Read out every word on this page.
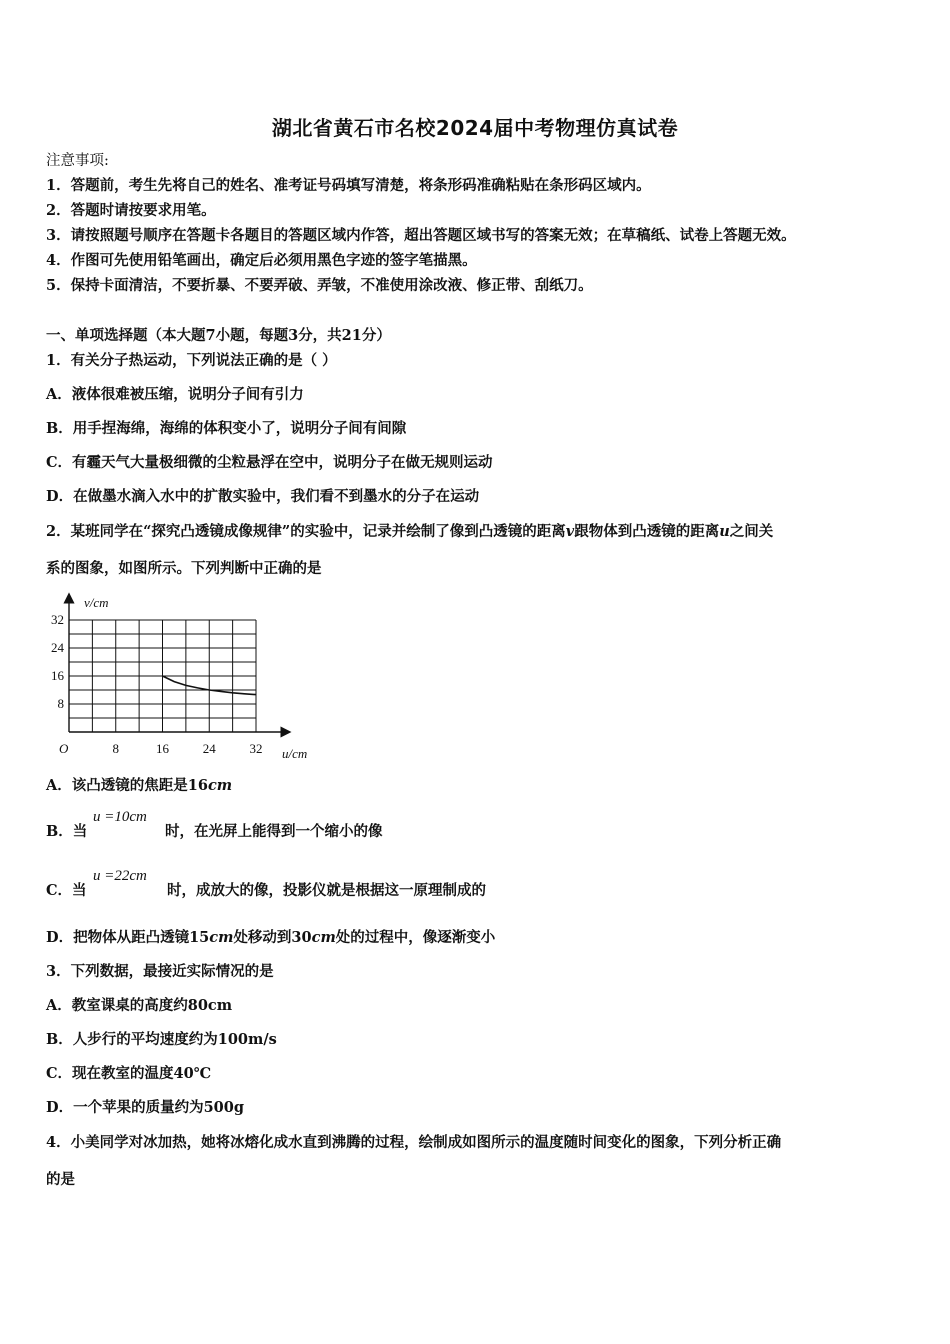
湖北省黄石市名校2024届中考物理仿真试卷
注意事项:
1．答题前，考生先将自己的姓名、准考证号码填写清楚，将条形码准确粘贴在条形码区域内。
2．答题时请按要求用笔。
3．请按照题号顺序在答题卡各题目的答题区域内作答，超出答题区域书写的答案无效；在草稿纸、试卷上答题无效。
4．作图可先使用铅笔画出，确定后必须用黑色字迹的签字笔描黑。
5．保持卡面清洁，不要折暴、不要弄破、弄皱，不准使用涂改液、修正带、刮纸刀。
一、单项选择题（本大题7小题，每题3分，共21分）
1．有关分子热运动，下列说法正确的是（ ）
A．液体很难被压缩，说明分子间有引力
B．用手捏海绵，海绵的体积变小了，说明分子间有间隙
C．有霾天气大量极细微的尘粒悬浮在空中，说明分子在做无规则运动
D．在做墨水滴入水中的扩散实验中，我们看不到墨水的分子在运动
2．某班同学在“探究凸透镜成像规律”的实验中，记录并绘制了像到凸透镜的距离v跟物体到凸透镜的距离u之间关
系的图象，如图所示。下列判断中正确的是
8	16	24	32
8
16
24
32
O	u/cm
v/cm
A．该凸透镜的焦距是16cm
B．当
u =10cm
时，在光屏上能得到一个缩小的像
C．当
u =22cm
时，成放大的像，投影仪就是根据这一原理制成的
D．把物体从距凸透镜15cm处移动到30cm处的过程中，像逐渐变小
3．下列数据，最接近实际情况的是
A．教室课桌的高度约80cm
B．人步行的平均速度约为100m/s
C．现在教室的温度40℃
D．一个苹果的质量约为500g
4．小美同学对冰加热，她将冰熔化成水直到沸腾的过程，绘制成如图所示的温度随时间变化的图象，下列分析正确
的是
